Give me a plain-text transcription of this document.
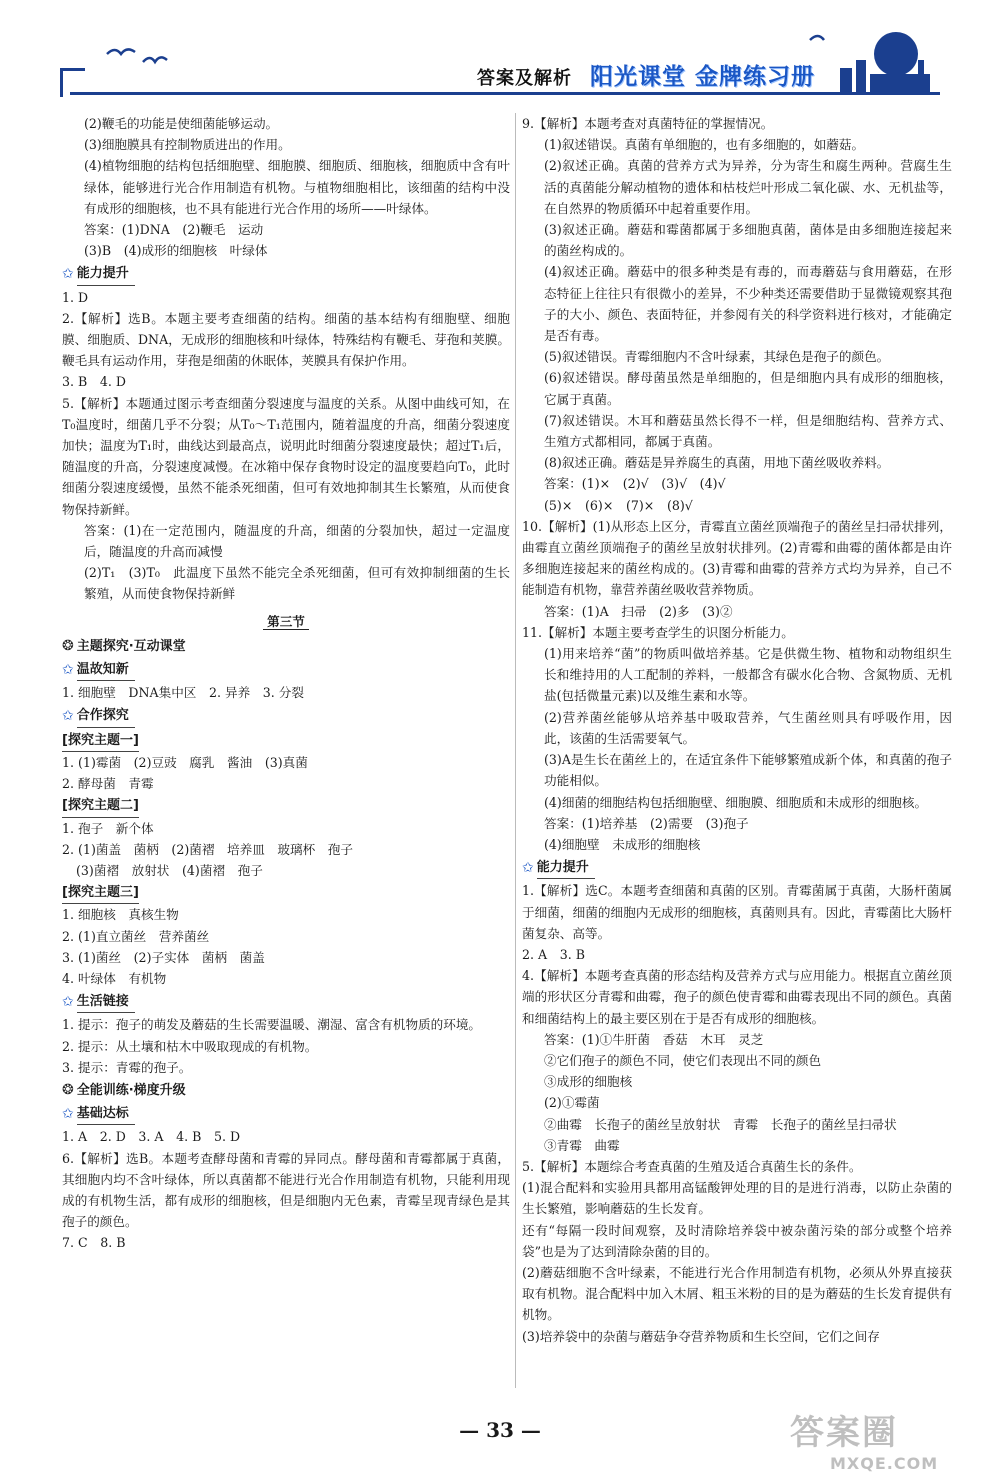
答案及解析 阳光课堂 金牌练习册

(2)鞭毛的功能是使细菌能够运动。

(3)细胞膜具有控制物质进出的作用。

(4)植物细胞的结构包括细胞壁、细胞膜、细胞质、细胞核，细胞质中含有叶绿体，能够进行光合作用制造有机物。与植物细胞相比，该细菌的结构中没有成形的细胞核，也不具有能进行光合作用的场所——叶绿体。

答案：(1)DNA　(2)鞭毛　运动

(3)B　(4)成形的细胞核　叶绿体

✩ 能力提升

1. D

2.【解析】选B。本题主要考查细菌的结构。细菌的基本结构有细胞壁、细胞膜、细胞质、DNA，无成形的细胞核和叶绿体，特殊结构有鞭毛、芽孢和荚膜。鞭毛具有运动作用，芽孢是细菌的休眠体，荚膜具有保护作用。

3. B　4. D

5.【解析】本题通过图示考查细菌分裂速度与温度的关系。从图中曲线可知，在T₀温度时，细菌几乎不分裂；从T₀～T₁范围内，随着温度的升高，细菌分裂速度加快；温度为T₁时，曲线达到最高点，说明此时细菌分裂速度最快；超过T₁后，随温度的升高，分裂速度减慢。在冰箱中保存食物时设定的温度要趋向T₀，此时细菌分裂速度缓慢，虽然不能杀死细菌，但可有效地抑制其生长繁殖，从而使食物保持新鲜。

答案：(1)在一定范围内，随温度的升高，细菌的分裂加快，超过一定温度后，随温度的升高而减慢

(2)T₁　(3)T₀　此温度下虽然不能完全杀死细菌，但可有效抑制细菌的生长繁殖，从而使食物保持新鲜

第三节
❂ 主题探究·互动课堂
✩ 温故知新

1. 细胞壁　DNA集中区　2. 异养　3. 分裂

✩ 合作探究
[探究主题一]

1. (1)霉菌　(2)豆豉　腐乳　酱油　(3)真菌

2. 酵母菌　青霉

[探究主题二]

1. 孢子　新个体

2. (1)菌盖　菌柄　(2)菌褶　培养皿　玻璃杯　孢子

(3)菌褶　放射状　(4)菌褶　孢子

[探究主题三]

1. 细胞核　真核生物

2. (1)直立菌丝　营养菌丝

3. (1)菌丝　(2)子实体　菌柄　菌盖

4. 叶绿体　有机物

✩ 生活链接

1. 提示：孢子的萌发及蘑菇的生长需要温暖、潮湿、富含有机物质的环境。

2. 提示：从土壤和枯木中吸取现成的有机物。

3. 提示：青霉的孢子。

❂ 全能训练·梯度升级
✩ 基础达标

1. A　2. D　3. A　4. B　5. D

6.【解析】选B。本题考查酵母菌和青霉的异同点。酵母菌和青霉都属于真菌，其细胞内均不含叶绿体，所以真菌都不能进行光合作用制造有机物，只能利用现成的有机物生活，都有成形的细胞核，但是细胞内无色素，青霉呈现青绿色是其孢子的颜色。

7. C　8. B

9.【解析】本题考查对真菌特征的掌握情况。

(1)叙述错误。真菌有单细胞的，也有多细胞的，如蘑菇。

(2)叙述正确。真菌的营养方式为异养，分为寄生和腐生两种。营腐生生活的真菌能分解动植物的遗体和枯枝烂叶形成二氧化碳、水、无机盐等，在自然界的物质循环中起着重要作用。

(3)叙述正确。蘑菇和霉菌都属于多细胞真菌，菌体是由多细胞连接起来的菌丝构成的。

(4)叙述正确。蘑菇中的很多种类是有毒的，而毒蘑菇与食用蘑菇，在形态特征上往往只有很微小的差异，不少种类还需要借助于显微镜观察其孢子的大小、颜色、表面特征，并参阅有关的科学资料进行核对，才能确定是否有毒。

(5)叙述错误。青霉细胞内不含叶绿素，其绿色是孢子的颜色。

(6)叙述错误。酵母菌虽然是单细胞的，但是细胞内具有成形的细胞核，它属于真菌。

(7)叙述错误。木耳和蘑菇虽然长得不一样，但是细胞结构、营养方式、生殖方式都相同，都属于真菌。

(8)叙述正确。蘑菇是异养腐生的真菌，用地下菌丝吸收养料。

答案：(1)×　(2)√　(3)√　(4)√

(5)×　(6)×　(7)×　(8)√

10.【解析】(1)从形态上区分，青霉直立菌丝顶端孢子的菌丝呈扫帚状排列，曲霉直立菌丝顶端孢子的菌丝呈放射状排列。(2)青霉和曲霉的菌体都是由许多细胞连接起来的菌丝构成的。(3)青霉和曲霉的营养方式均为异养，自己不能制造有机物，靠营养菌丝吸收营养物质。

答案：(1)A　扫帚　(2)多　(3)②

11.【解析】本题主要考查学生的识图分析能力。

(1)用来培养“菌”的物质叫做培养基。它是供微生物、植物和动物组织生长和维持用的人工配制的养料，一般都含有碳水化合物、含氮物质、无机盐(包括微量元素)以及维生素和水等。

(2)营养菌丝能够从培养基中吸取营养，气生菌丝则具有呼吸作用，因此，该菌的生活需要氧气。

(3)A是生长在菌丝上的，在适宜条件下能够繁殖成新个体，和真菌的孢子功能相似。

(4)细菌的细胞结构包括细胞壁、细胞膜、细胞质和未成形的细胞核。

答案：(1)培养基　(2)需要　(3)孢子

(4)细胞壁　未成形的细胞核

✩ 能力提升

1.【解析】选C。本题考查细菌和真菌的区别。青霉菌属于真菌，大肠杆菌属于细菌，细菌的细胞内无成形的细胞核，真菌则具有。因此，青霉菌比大肠杆菌复杂、高等。

2. A　3. B

4.【解析】本题考查真菌的形态结构及营养方式与应用能力。根据直立菌丝顶端的形状区分青霉和曲霉，孢子的颜色使青霉和曲霉表现出不同的颜色。真菌和细菌结构上的最主要区别在于是否有成形的细胞核。

答案：(1)①牛肝菌　香菇　木耳　灵芝

②它们孢子的颜色不同，使它们表现出不同的颜色

③成形的细胞核

(2)①霉菌

②曲霉　长孢子的菌丝呈放射状　青霉　长孢子的菌丝呈扫帚状

③青霉　曲霉

5.【解析】本题综合考查真菌的生殖及适合真菌生长的条件。

(1)混合配料和实验用具都用高锰酸钾处理的目的是进行消毒，以防止杂菌的生长繁殖，影响蘑菇的生长发育。

还有“每隔一段时间观察，及时清除培养袋中被杂菌污染的部分或整个培养袋”也是为了达到清除杂菌的目的。

(2)蘑菇细胞不含叶绿素，不能进行光合作用制造有机物，必须从外界直接获取有机物。混合配料中加入木屑、粗玉米粉的目的是为蘑菇的生长发育提供有机物。

(3)培养袋中的杂菌与蘑菇争夺营养物质和生长空间，它们之间存

— 33 —	答案圈
MXQE.COM
